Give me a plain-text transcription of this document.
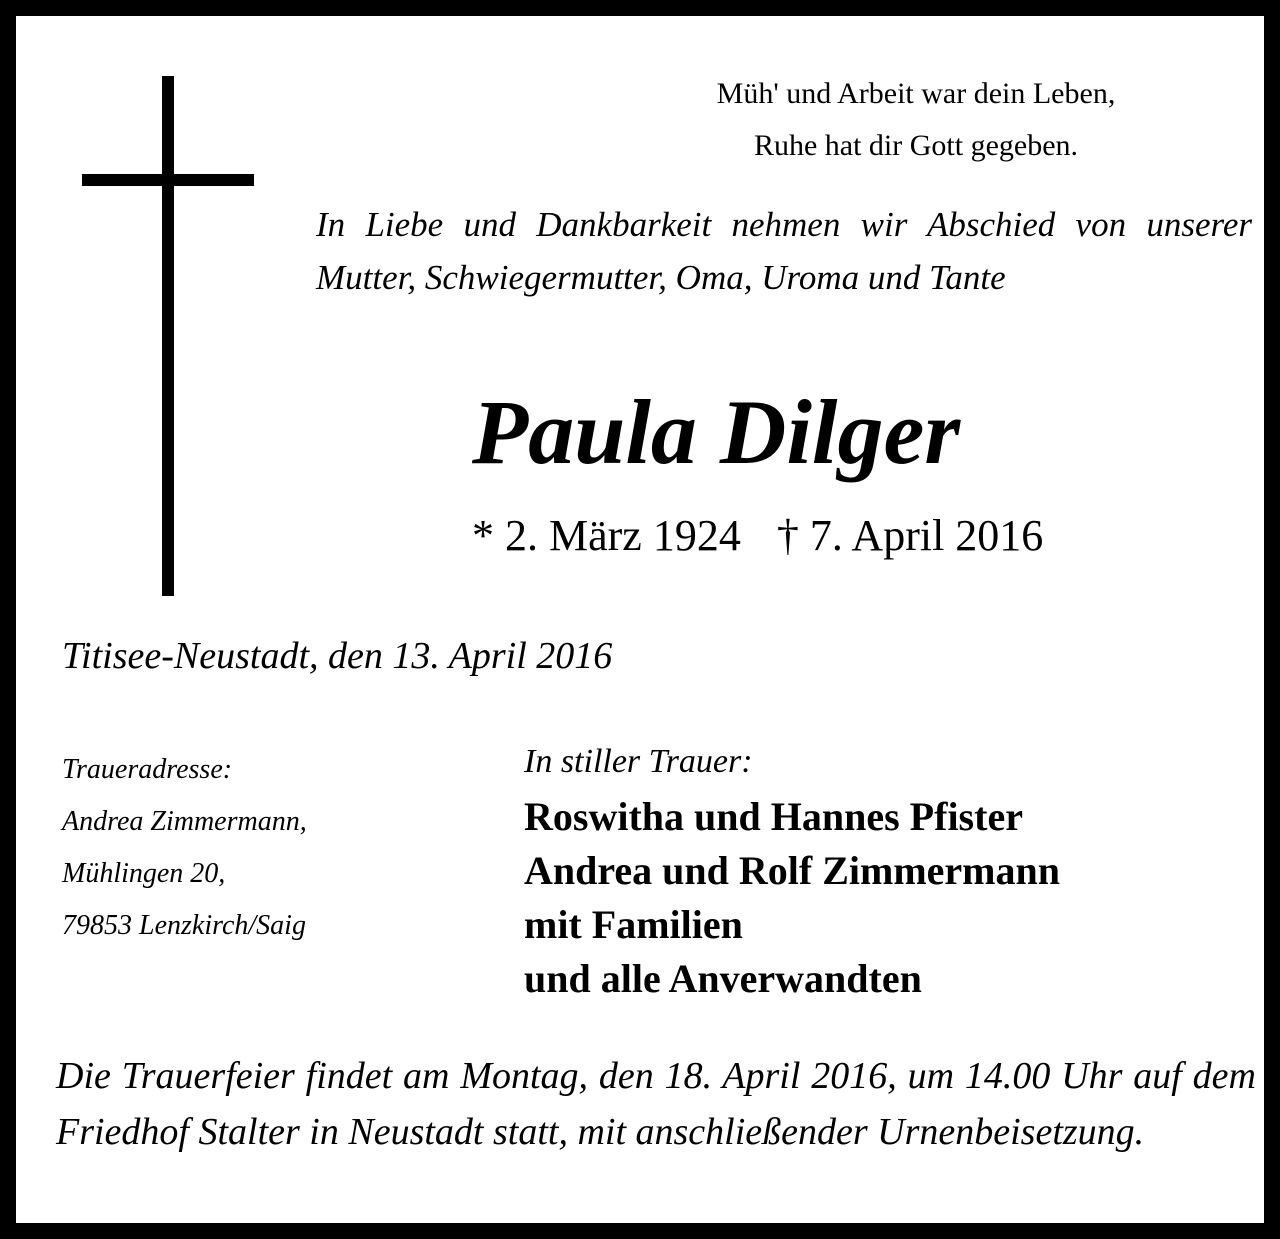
Müh' und Arbeit war dein Leben,
Ruhe hat dir Gott gegeben.
In Liebe und Dankbarkeit nehmen wir Abschied von unserer Mutter, Schwiegermutter, Oma, Uroma und Tante
Paula Dilger
* 2. März 1924 † 7. April 2016
Titisee-Neustadt, den 13. April 2016
Traueradresse:
Andrea Zimmermann,
Mühlingen 20,
79853 Lenzkirch/Saig
In stiller Trauer:
Roswitha und Hannes Pfister
Andrea und Rolf Zimmermann
mit Familien
und alle Anverwandten
Die Trauerfeier findet am Montag, den 18. April 2016, um 14.00 Uhr auf dem Friedhof Stalter in Neustadt statt, mit anschließender Urnenbeisetzung.
